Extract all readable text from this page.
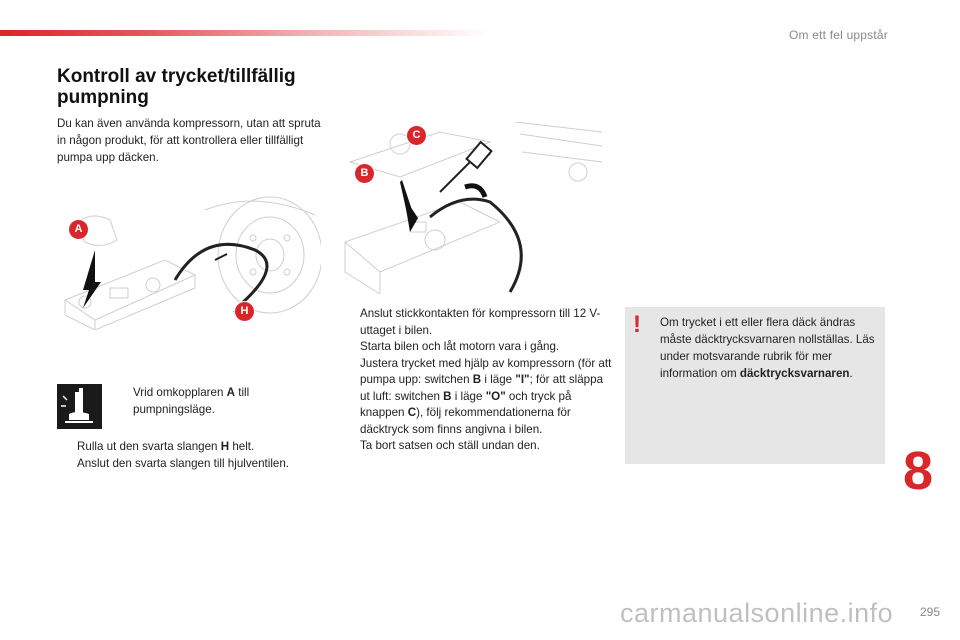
Om ett fel uppstår
Kontroll av trycket/tillfällig
pumpning

Du kan även använda kompressorn, utan att spruta in någon produkt, för att kontrollera eller tillfälligt pumpa upp däcken.

A
H
C
B
Vrid omkopplaren A till pumpningsläge.
Rulla ut den svarta slangen H helt.
Anslut den svarta slangen till hjulventilen.
Anslut stickkontakten för kompressorn till 12 V-uttaget i bilen.
Starta bilen och låt motorn vara i gång.
Justera trycket med hjälp av kompressorn (för att pumpa upp: switchen B i läge "I"; för att släppa ut luft: switchen B i läge "O" och tryck på knappen C), följ rekommendationerna för däcktryck som finns angivna i bilen.
Ta bort satsen och ställ undan den.
! Om trycket i ett eller flera däck ändras måste däcktrycksvarnaren nollställas. Läs under motsvarande rubrik för mer information om däcktrycksvarnaren.

8
295
carmanualsonline.info
